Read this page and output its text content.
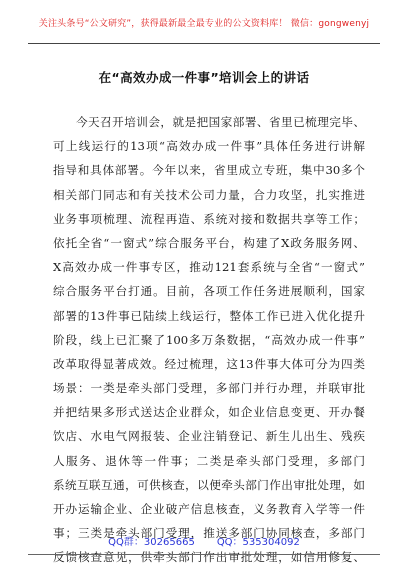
关注头条号“公文研究”，获得最新最全最专业的公文资料库！ 微信：gongwenyj
在“高效办成一件事”培训会上的讲话
今天召开培训会，就是把国家部署、省里已梳理完毕、
可上线运行的13项“高效办成一件事”具体任务进行讲解
指导和具体部署。今年以来，省里成立专班，集中30多个
相关部门同志和有关技术公司力量，合力攻坚，扎实推进
业务事项梳理、流程再造、系统对接和数据共享等工作；
依托全省“一窗式”综合服务平台，构建了X政务服务网、
X高效办成一件事专区，推动121套系统与全省“一窗式”
综合服务平台打通。目前，各项工作任务进展顺利，国家
部署的13件事已陆续上线运行，整体工作已进入优化提升
阶段，线上已汇聚了100多万条数据，“高效办成一件事”
改革取得显著成效。经过梳理，这13件事大体可分为四类
场景：一类是牵头部门受理，多部门并行办理，并联审批
并把结果多形式送达企业群众，如企业信息变更、开办餐
饮店、水电气网报装、企业注销登记、新生儿出生、残疾
人服务、退休等一件事；二类是牵头部门受理，多部门
系统互联互通，可供核查，以便牵头部门作出审批处理，如
开办运输企业、企业破产信息核查，义务教育入学等一件
事；三类是牵头部门受理，推送多部门协同核查，多部门
反馈核查意见，供牵头部门作出审批处理，如信用修复、
QQ群：30265665 QQ：535304092
